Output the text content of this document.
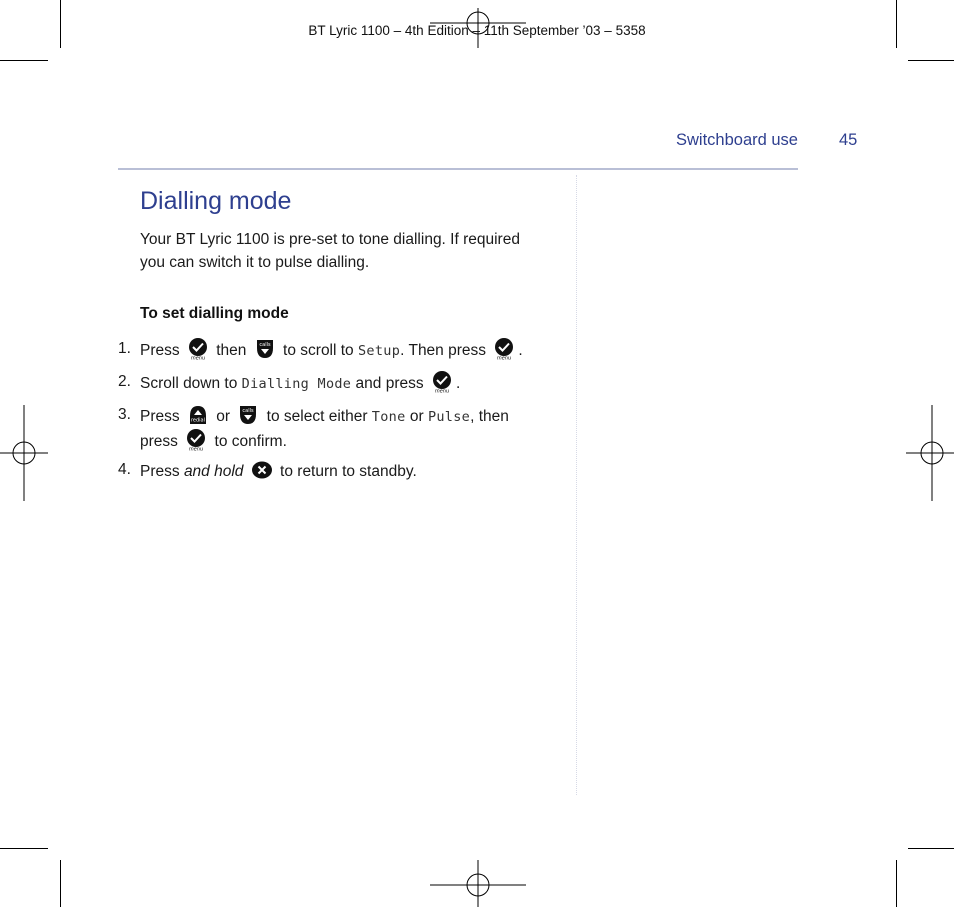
BT Lyric 1100 – 4th Edition – 11th September ’03 – 5358
Switchboard use 45
Dialling mode
Your BT Lyric 1100 is pre-set to tone dialling. If required
you can switch it to pulse dialling.
To set dialling mode
1. Press menu then	calls to scroll to Setup. Then press menu .
2. Scroll down to Dialling Mode and press menu .
3. Press redial or	calls to select either Tone or Pulse, then
press menu to confirm.
4. Press and hold to return to standby.
